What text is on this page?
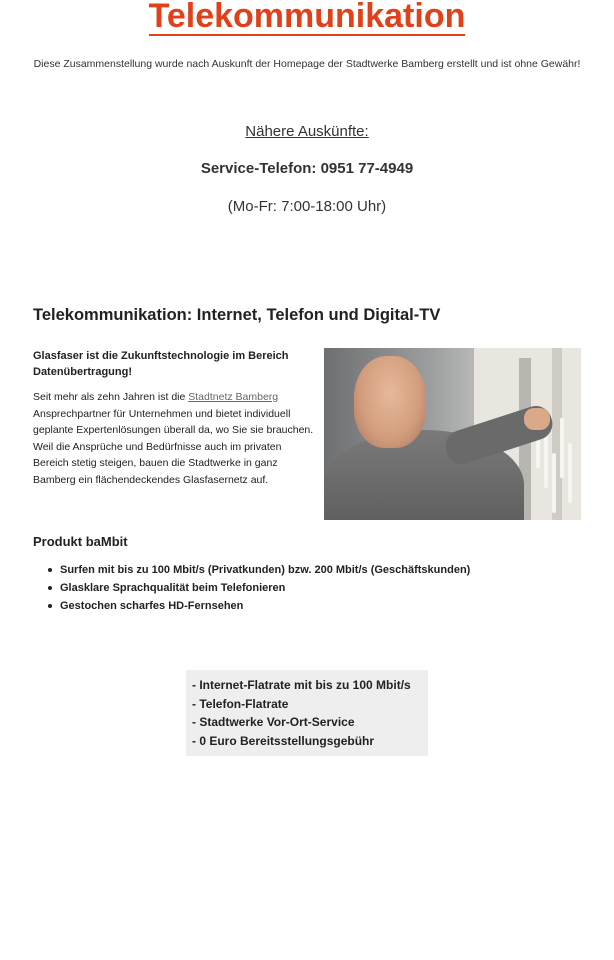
Telekommunikation
Diese Zusammenstellung wurde nach Auskunft der Homepage der Stadtwerke Bamberg erstellt und ist ohne Gewähr!
Nähere Auskünfte:
Service-Telefon: 0951 77-4949
(Mo-Fr: 7:00-18:00 Uhr)
Telekommunikation: Internet, Telefon und Digital-TV
Glasfaser ist die Zukunftstechnologie im Bereich Datenübertragung!
Seit mehr als zehn Jahren ist die Stadtnetz Bamberg Ansprechpartner für Unternehmen und bietet individuell geplante Expertenlösungen überall da, wo Sie sie brauchen. Weil die Ansprüche und Bedürfnisse auch im privaten Bereich stetig steigen, bauen die Stadtwerke in ganz Bamberg ein flächendeckendes Glasfasernetz auf.
Produkt baMbit
Surfen mit bis zu 100 Mbit/s (Privatkunden) bzw. 200 Mbit/s (Geschäftskunden)
Glasklare Sprachqualität beim Telefonieren
Gestochen scharfes HD-Fernsehen
- Internet-Flatrate mit bis zu 100 Mbit/s
- Telefon-Flatrate
- Stadtwerke Vor-Ort-Service
- 0 Euro Bereitsstellungsgebühr
